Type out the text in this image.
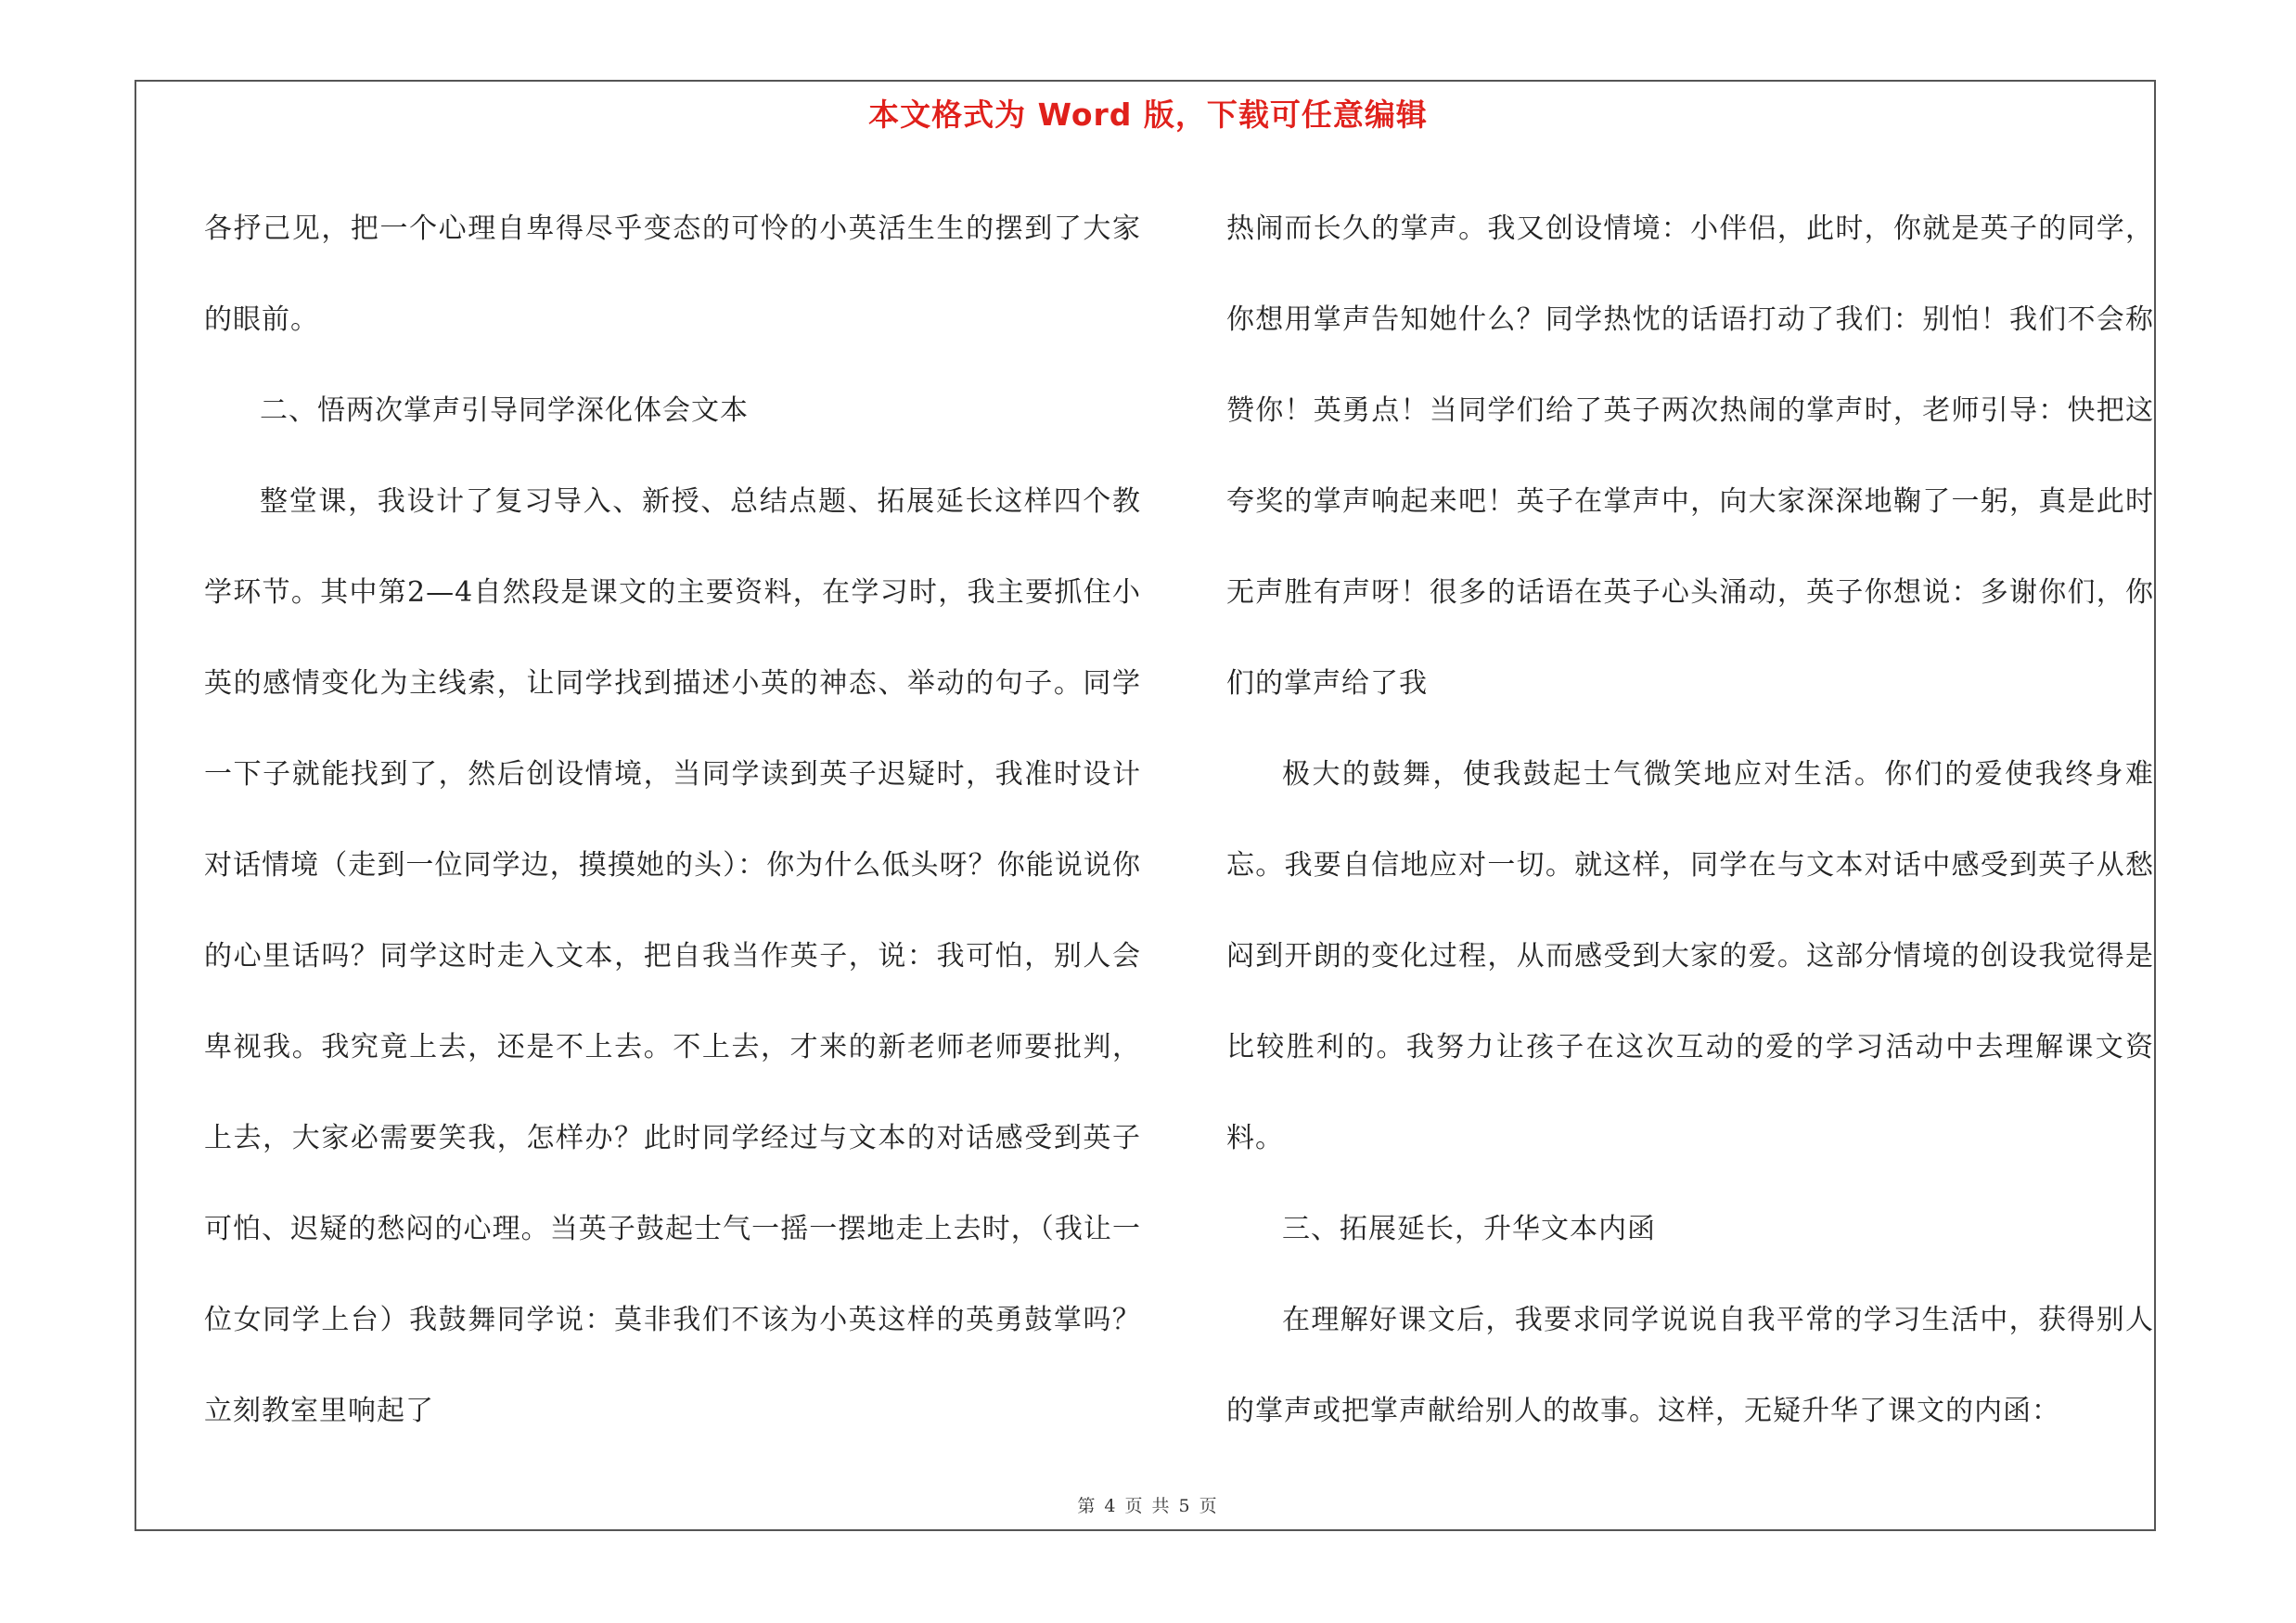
本文格式为 Word 版，下载可任意编辑

各抒己见，把一个心理自卑得尽乎变态的可怜的小英活生生的摆到了大家的眼前。

二、悟两次掌声引导同学深化体会文本

整堂课，我设计了复习导入、新授、总结点题、拓展延长这样四个教学环节。其中第2—4自然段是课文的主要资料，在学习时，我主要抓住小英的感情变化为主线索，让同学找到描述小英的神态、举动的句子。同学一下子就能找到了，然后创设情境，当同学读到英子迟疑时，我准时设计对话情境（走到一位同学边，摸摸她的头）：你为什么低头呀？你能说说你的心里话吗？同学这时走入文本，把自我当作英子，说：我可怕，别人会卑视我。我究竟上去，还是不上去。不上去，才来的新老师老师要批判，上去，大家必需要笑我，怎样办？此时同学经过与文本的对话感受到英子可怕、迟疑的愁闷的心理。当英子鼓起士气一摇一摆地走上去时，（我让一位女同学上台）我鼓舞同学说：莫非我们不该为小英这样的英勇鼓掌吗？立刻教室里响起了

热闹而长久的掌声。我又创设情境：小伴侣，此时，你就是英子的同学，你想用掌声告知她什么？同学热忱的话语打动了我们：别怕！我们不会称赞你！英勇点！当同学们给了英子两次热闹的掌声时，老师引导：快把这夸奖的掌声响起来吧！英子在掌声中，向大家深深地鞠了一躬，真是此时无声胜有声呀！很多的话语在英子心头涌动，英子你想说：多谢你们，你们的掌声给了我

极大的鼓舞，使我鼓起士气微笑地应对生活。你们的爱使我终身难忘。我要自信地应对一切。就这样，同学在与文本对话中感受到英子从愁闷到开朗的变化过程，从而感受到大家的爱。这部分情境的创设我觉得是比较胜利的。我努力让孩子在这次互动的爱的学习活动中去理解课文资料。

三、拓展延长，升华文本内函

在理解好课文后，我要求同学说说自我平常的学习生活中，获得别人的掌声或把掌声献给别人的故事。这样，无疑升华了课文的内函：

第 4 页 共 5 页
